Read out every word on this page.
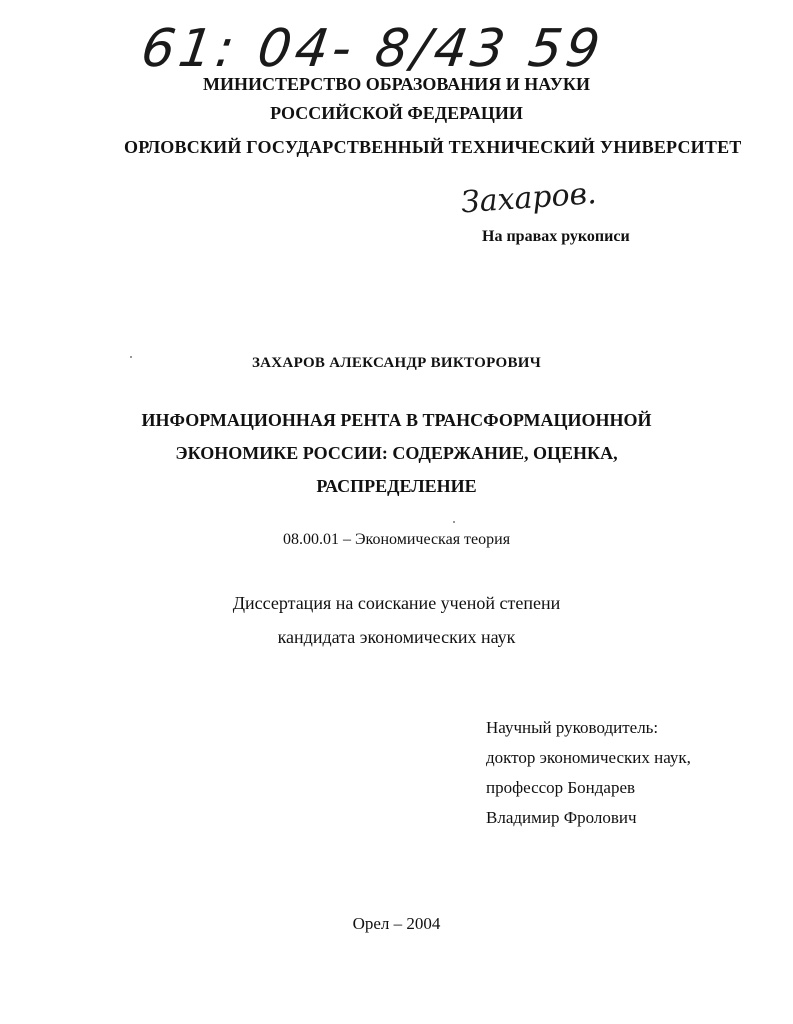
61: 04- 8/43 59
МИНИСТЕРСТВО ОБРАЗОВАНИЯ И НАУКИ
РОССИЙСКОЙ ФЕДЕРАЦИИ
ОРЛОВСКИЙ ГОСУДАРСТВЕННЫЙ ТЕХНИЧЕСКИЙ УНИВЕРСИТЕТ
Захаров.
На правах рукописи
ЗАХАРОВ АЛЕКСАНДР ВИКТОРОВИЧ
ИНФОРМАЦИОННАЯ РЕНТА В ТРАНСФОРМАЦИОННОЙ
ЭКОНОМИКЕ РОССИИ: СОДЕРЖАНИЕ, ОЦЕНКА,
РАСПРЕДЕЛЕНИЕ
08.00.01 – Экономическая теория
Диссертация на соискание ученой степени
кандидата экономических наук
Научный руководитель:
доктор экономических наук,
профессор Бондарев
Владимир Фролович
Орел – 2004
